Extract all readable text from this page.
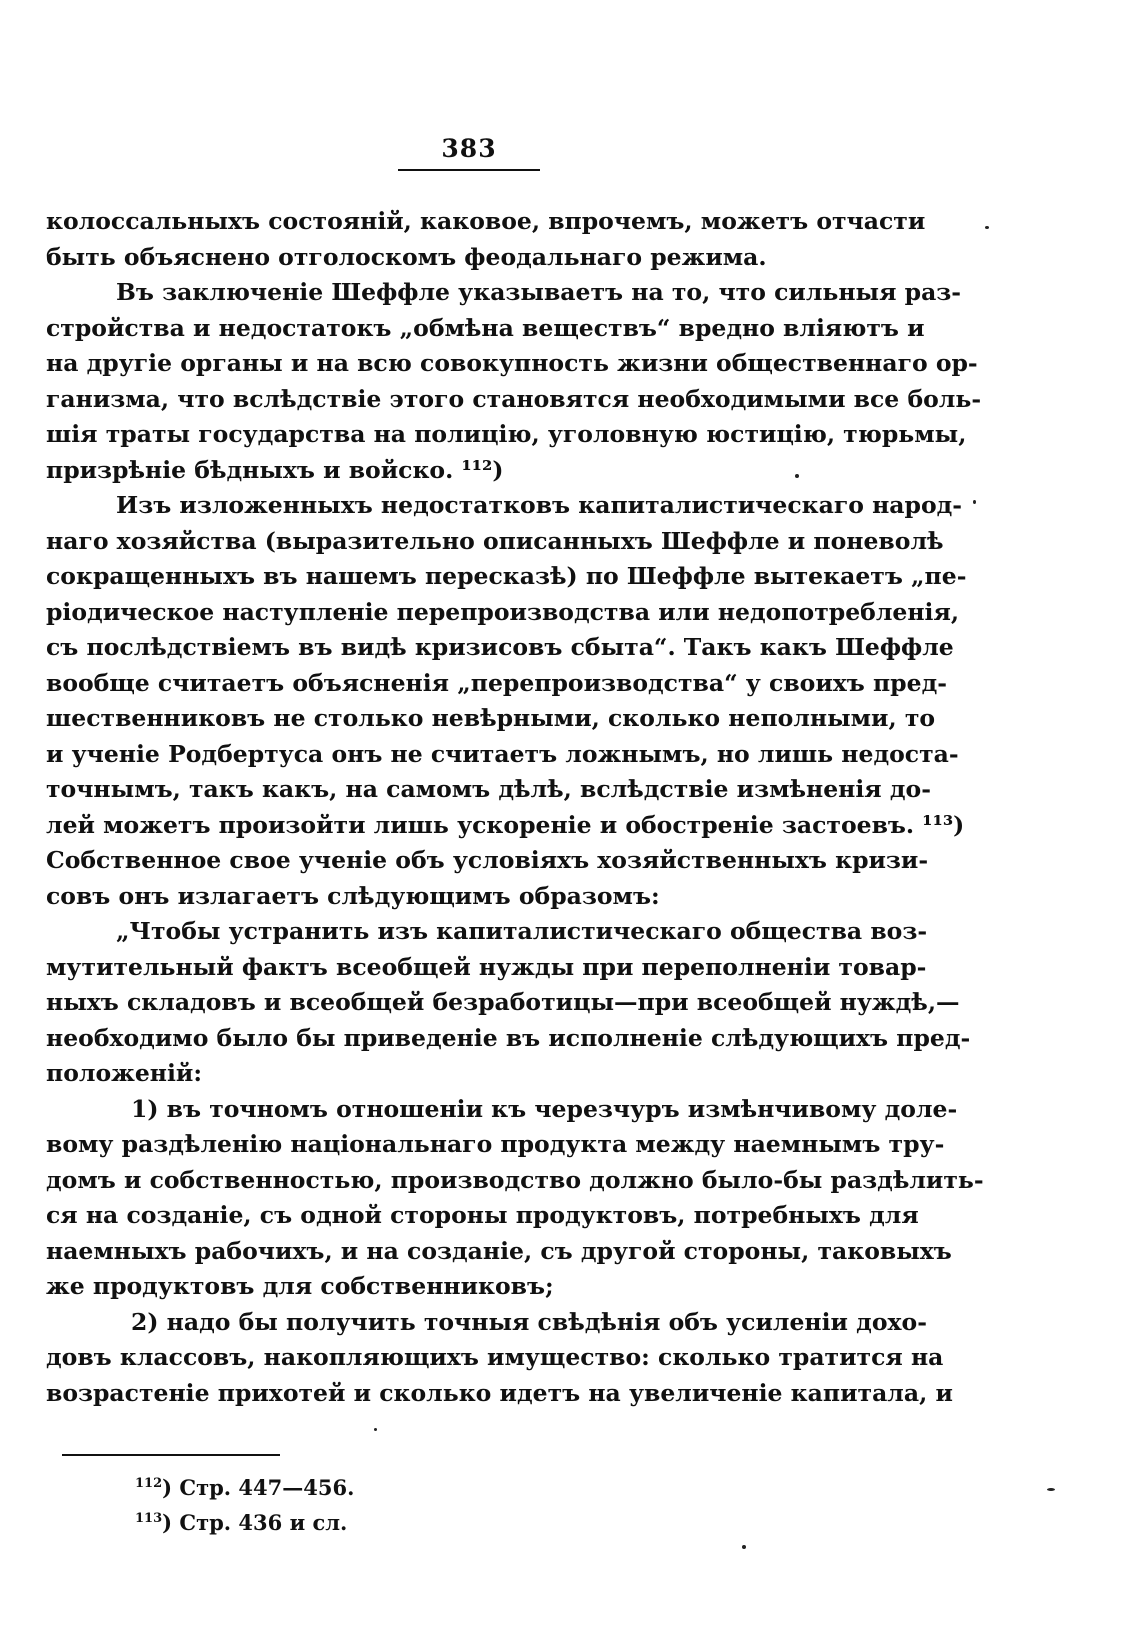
383
колоссальныхъ состояній, каковое, впрочемъ, можетъ отчасти
быть объяснено отголоскомъ феодальнаго режима.
Въ заключеніе Шеффле указываетъ на то, что сильныя раз-
стройства и недостатокъ „обмѣна веществъ“ вредно вліяютъ и
на другіе органы и на всю совокупность жизни общественнаго ор-
ганизма, что вслѣдствіе этого становятся необходимыми все боль-
шія траты государства на полицію, уголовную юстицію, тюрьмы,
призрѣніе бѣдныхъ и войско. ¹¹²)
Изъ изложенныхъ недостатковъ капиталистическаго народ-
наго хозяйства (выразительно описанныхъ Шеффле и поневолѣ
сокращенныхъ въ нашемъ пересказѣ) по Шеффле вытекаетъ „пе-
ріодическое наступленіе перепроизводства или недопотребленія,
съ послѣдствіемъ въ видѣ кризисовъ сбыта“. Такъ какъ Шеффле
вообще считаетъ объясненія „перепроизводства“ у своихъ пред-
шественниковъ не столько невѣрными, сколько неполными, то
и ученіе Родбертуса онъ не считаетъ ложнымъ, но лишь недоста-
точнымъ, такъ какъ, на самомъ дѣлѣ, вслѣдствіе измѣненія до-
лей можетъ произойти лишь ускореніе и обостреніе застоевъ. ¹¹³)
Собственное свое ученіе объ условіяхъ хозяйственныхъ кризи-
совъ онъ излагаетъ слѣдующимъ образомъ:
„Чтобы устранить изъ капиталистическаго общества воз-
мутительный фактъ всеобщей нужды при переполненіи товар-
ныхъ складовъ и всеобщей безработицы—при всеобщей нуждѣ,—
необходимо было бы приведеніе въ исполненіе слѣдующихъ пред-
положеній:
1) въ точномъ отношеніи къ черезчуръ измѣнчивому доле-
вому раздѣленію національнаго продукта между наемнымъ тру-
домъ и собственностью, производство должно было-бы раздѣлить-
ся на созданіе, съ одной стороны продуктовъ, потребныхъ для
наемныхъ рабочихъ, и на созданіе, съ другой стороны, таковыхъ
же продуктовъ для собственниковъ;
2) надо бы получить точныя свѣдѣнія объ усиленіи дохо-
довъ классовъ, накопляющихъ имущество: сколько тратится на
возрастеніе прихотей и сколько идетъ на увеличеніе капитала, и
$^{112}$) Стр. 447—456.
$^{113}$) Стр. 436 и сл.
